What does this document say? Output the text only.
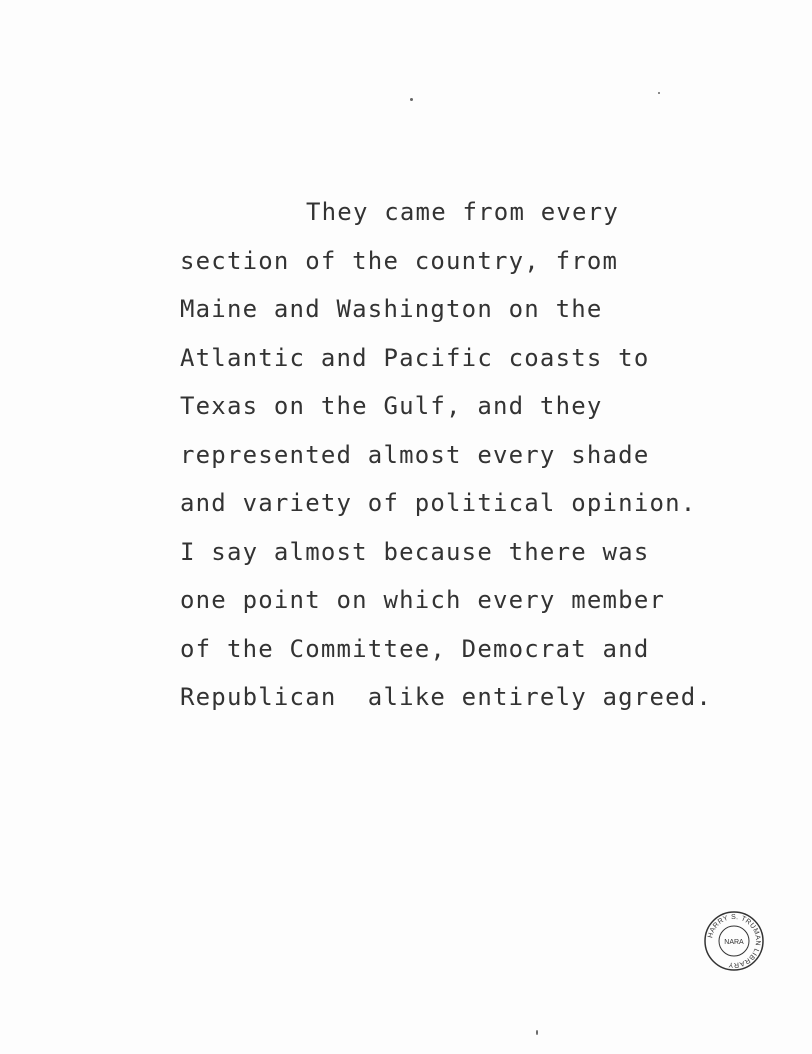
They came from every
section of the country, from
Maine and Washington on the
Atlantic and Pacific coasts to
Texas on the Gulf, and they
represented almost every shade
and variety of political opinion.
I say almost because there was
one point on which every member
of the Committee, Democrat and
Republican  alike entirely agreed.
HARRY S. TRUMAN LIBRARY
NARA
